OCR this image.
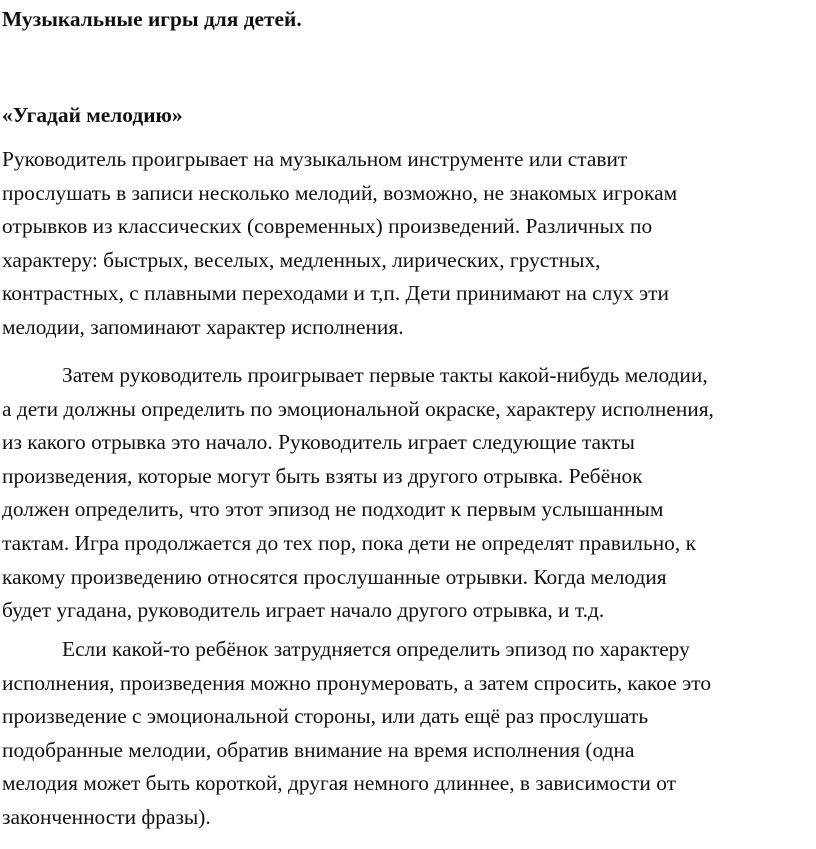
Музыкальные игры для детей.
«Угадай мелодию»
Руководитель проигрывает на музыкальном инструменте или ставит
прослушать в записи несколько мелодий, возможно, не знакомых игрокам
отрывков из классических (современных) произведений. Различных по
характеру: быстрых, веселых, медленных, лирических, грустных,
контрастных, с плавными переходами и т,п. Дети принимают на слух эти
мелодии, запоминают характер исполнения.
Затем руководитель проигрывает первые такты какой-нибудь мелодии,
а дети должны определить по эмоциональной окраске, характеру исполнения,
из какого отрывка это начало. Руководитель играет следующие такты
произведения, которые могут быть взяты из другого отрывка. Ребёнок
должен определить, что этот эпизод не подходит к первым услышанным
тактам. Игра продолжается до тех пор, пока дети не определят правильно, к
какому произведению относятся прослушанные отрывки. Когда мелодия
будет угадана, руководитель играет начало другого отрывка, и т.д.
Если какой-то ребёнок затрудняется определить эпизод по характеру
исполнения, произведения можно пронумеровать, а затем спросить, какое это
произведение с эмоциональной стороны, или дать ещё раз прослушать
подобранные мелодии, обратив внимание на время исполнения (одна
мелодия может быть короткой, другая немного длиннее, в зависимости от
законченности фразы).
